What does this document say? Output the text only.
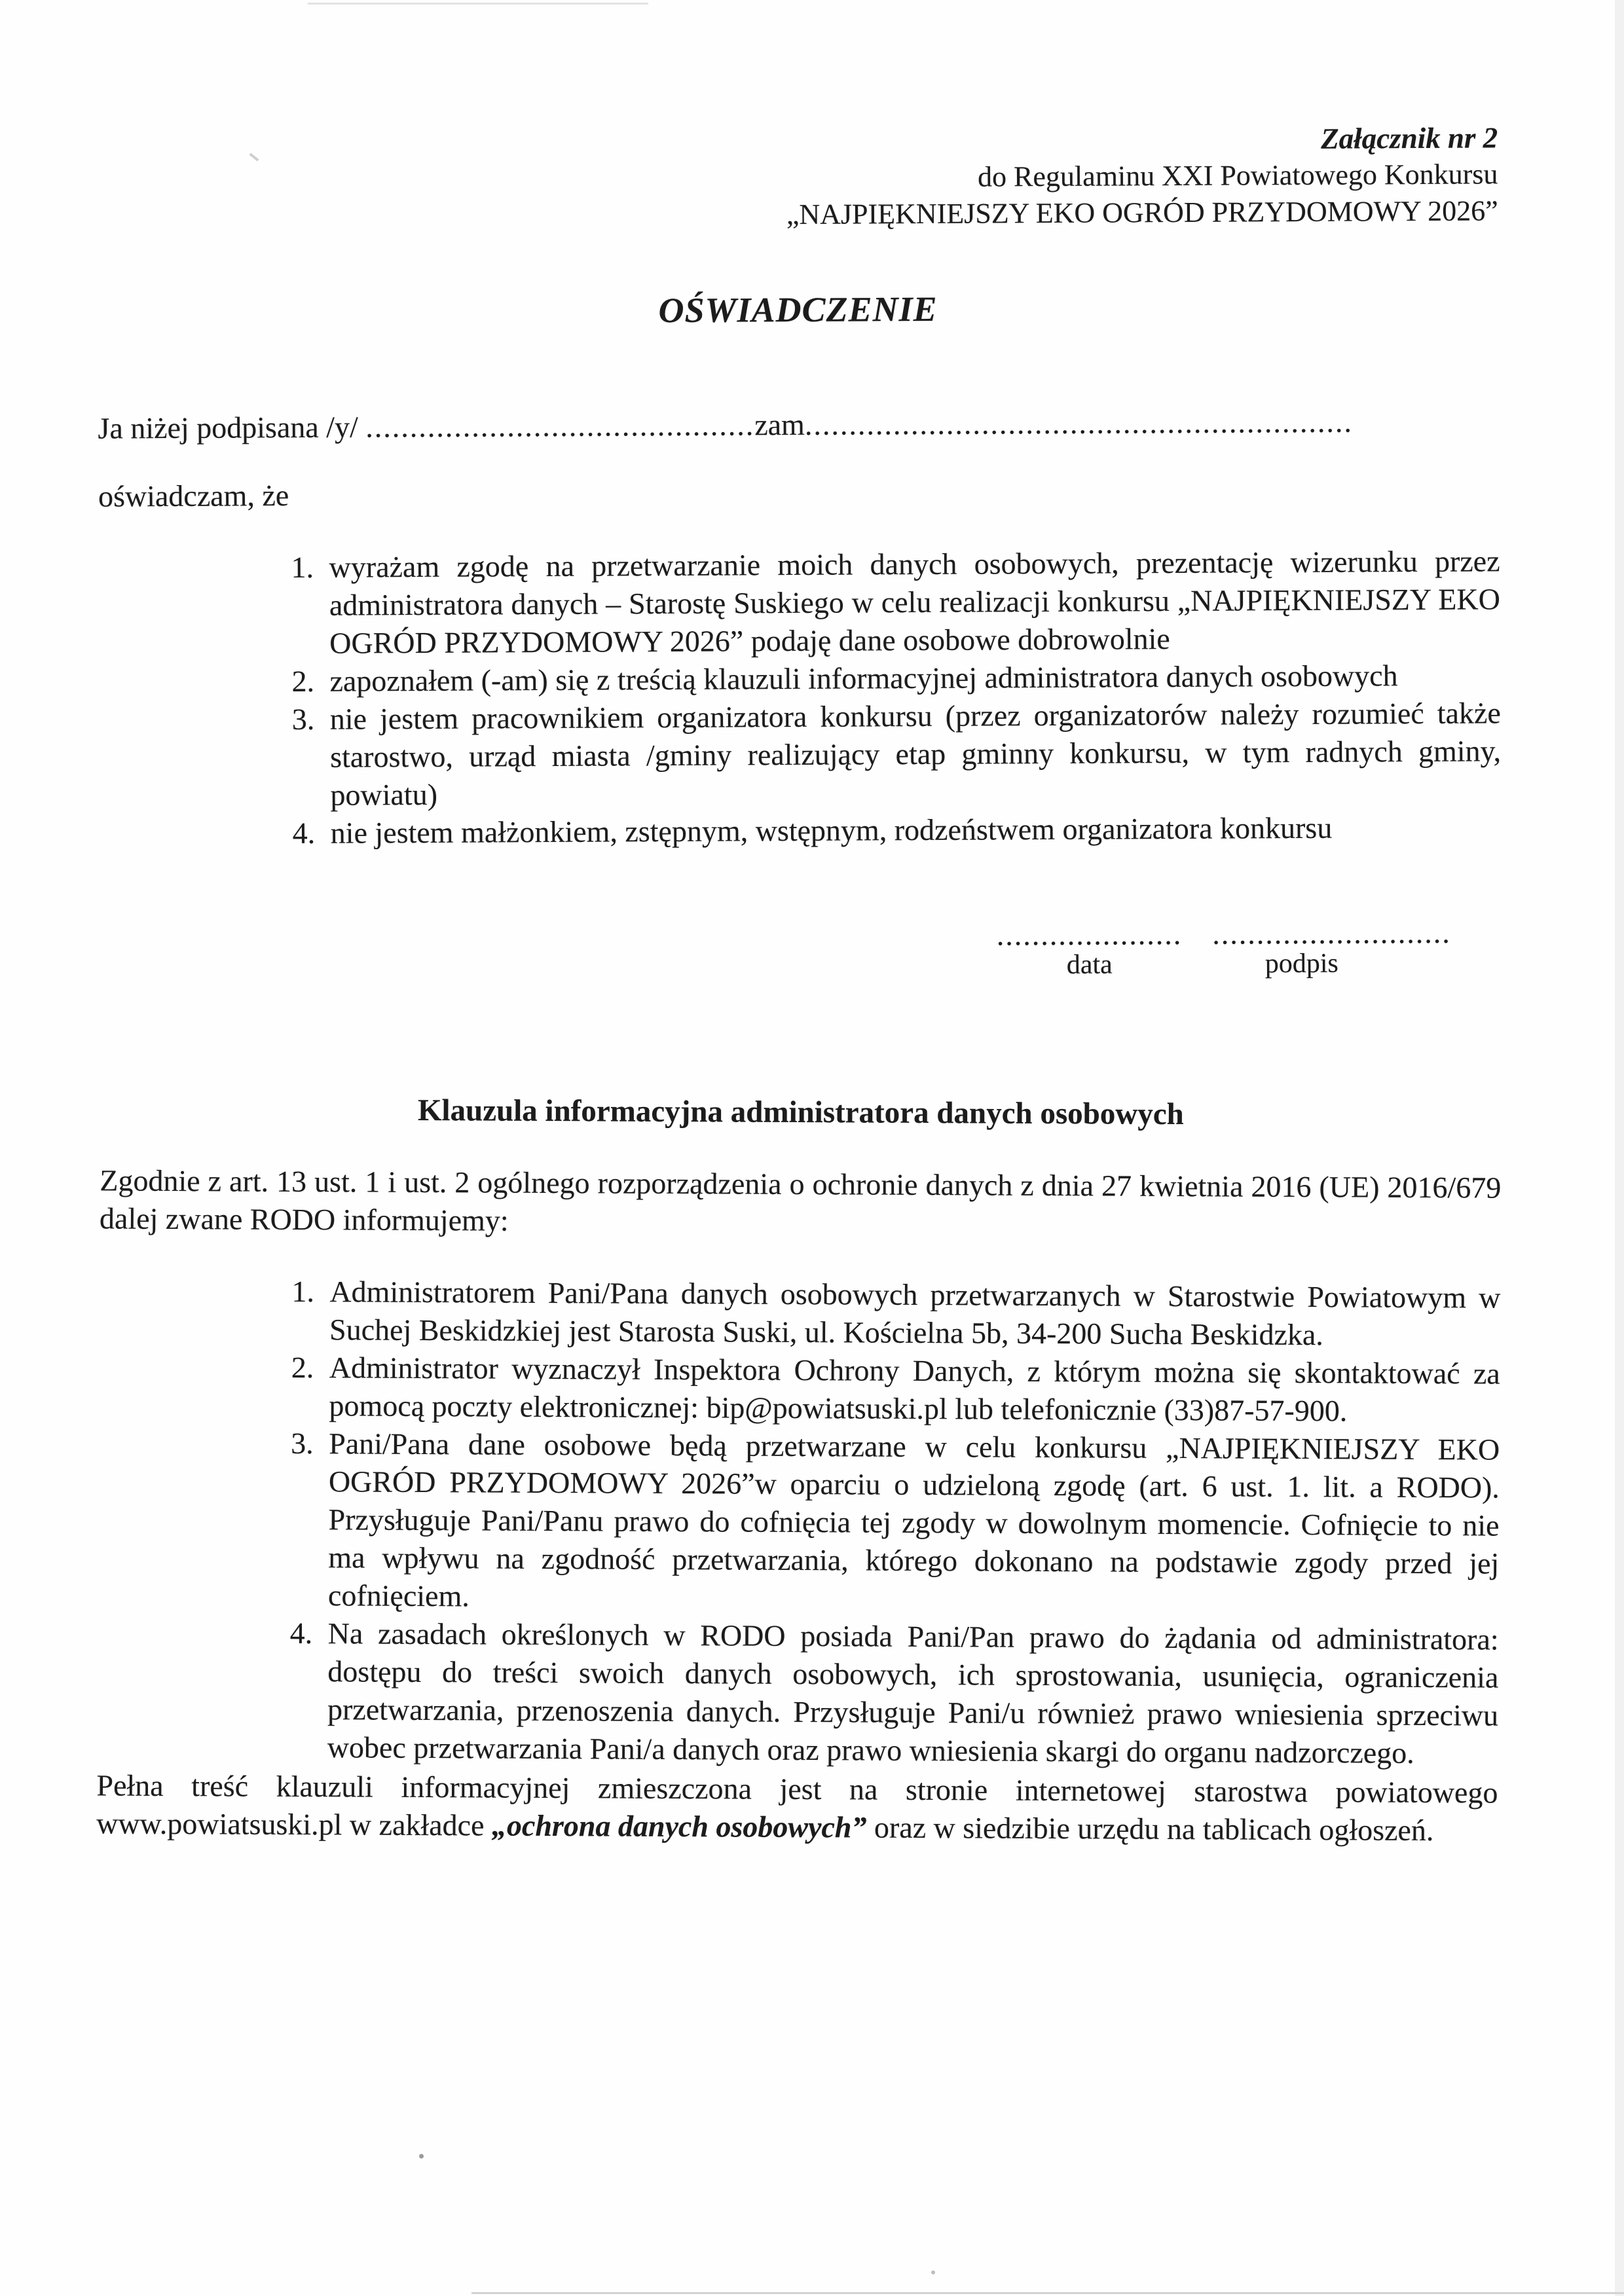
Załącznik nr 2
do Regulaminu XXI Powiatowego Konkursu
„NAJPIĘKNIEJSZY EKO OGRÓD PRZYDOMOWY 2026”
OŚWIADCZENIE

Ja niżej podpisana /y/ ............................................zam..............................................................

oświadczam, że

1. wyrażam zgodę na przetwarzanie moich danych osobowych, prezentację wizerunku przez administratora danych – Starostę Suskiego w celu realizacji konkursu „NAJPIĘKNIEJSZY EKO OGRÓD PRZYDOMOWY 2026” podaję dane osobowe dobrowolnie
2. zapoznałem (-am) się z treścią klauzuli informacyjnej administratora danych osobowych
3. nie jestem pracownikiem organizatora konkursu (przez organizatorów należy rozumieć także starostwo, urząd miasta /gminy realizujący etap gminny konkursu, w tym radnych gminy, powiatu)
4. nie jestem małżonkiem, zstępnym, wstępnym, rodzeństwem organizatora konkursu
.....................
data
...........................
podpis
Klauzula informacyjna administratora danych osobowych

Zgodnie z art. 13 ust. 1 i ust. 2 ogólnego rozporządzenia o ochronie danych z dnia 27 kwietnia 2016 (UE) 2016/679 dalej zwane RODO informujemy:

1. Administratorem Pani/Pana danych osobowych przetwarzanych w Starostwie Powiatowym w Suchej Beskidzkiej jest Starosta Suski, ul. Kościelna 5b, 34-200 Sucha Beskidzka.
2. Administrator wyznaczył Inspektora Ochrony Danych, z którym można się skontaktować za pomocą poczty elektronicznej: bip@powiatsuski.pl lub telefonicznie (33)87-57-900.
3. Pani/Pana dane osobowe będą przetwarzane w celu konkursu „NAJPIĘKNIEJSZY EKO OGRÓD PRZYDOMOWY 2026”w oparciu o udzieloną zgodę (art. 6 ust. 1. lit. a RODO). Przysługuje Pani/Panu prawo do cofnięcia tej zgody w dowolnym momencie. Cofnięcie to nie ma wpływu na zgodność przetwarzania, którego dokonano na podstawie zgody przed jej cofnięciem.
4. Na zasadach określonych w RODO posiada Pani/Pan prawo do żądania od administratora: dostępu do treści swoich danych osobowych, ich sprostowania, usunięcia, ograniczenia przetwarzania, przenoszenia danych. Przysługuje Pani/u również prawo wniesienia sprzeciwu wobec przetwarzania Pani/a danych oraz prawo wniesienia skargi do organu nadzorczego.

Pełna treść klauzuli informacyjnej zmieszczona jest na stronie internetowej starostwa powiatowego www.powiatsuski.pl w zakładce „ochrona danych osobowych” oraz w siedzibie urzędu na tablicach ogłoszeń.
